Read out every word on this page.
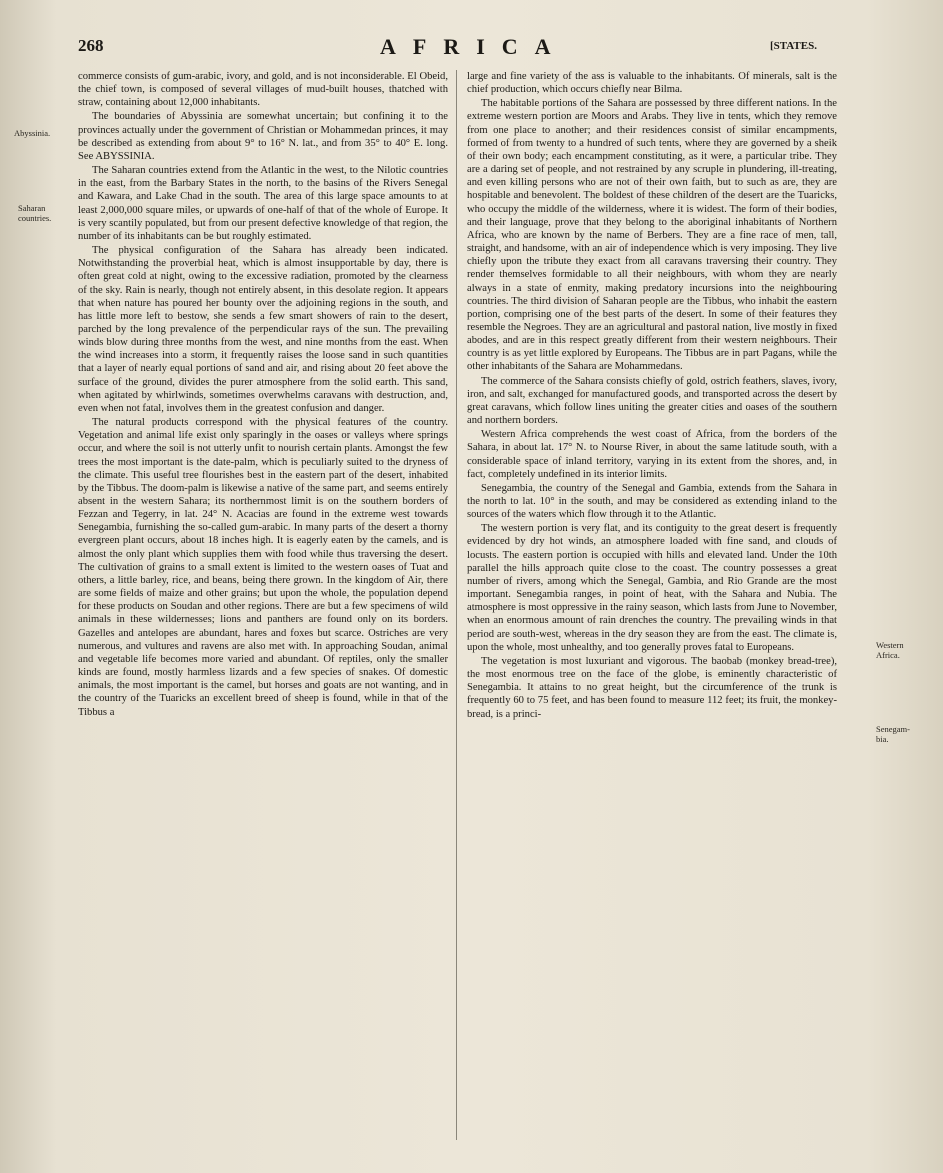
268	AFRICA	[STATES.
Abyssinia.
Saharan
countries.
Western
Africa.
Senegam-
bia.

commerce consists of gum-arabic, ivory, and gold, and is not inconsiderable. El Obeid, the chief town, is composed of several villages of mud-built houses, thatched with straw, containing about 12,000 inhabitants.

The boundaries of Abyssinia are somewhat uncertain; but confining it to the provinces actually under the government of Christian or Mohammedan princes, it may be described as extending from about 9° to 16° N. lat., and from 35° to 40° E. long. See ABYSSINIA.

The Saharan countries extend from the Atlantic in the west, to the Nilotic countries in the east, from the Barbary States in the north, to the basins of the Rivers Senegal and Kawara, and Lake Chad in the south. The area of this large space amounts to at least 2,000,000 square miles, or upwards of one-half of that of the whole of Europe. It is very scantily populated, but from our present defective knowledge of that region, the number of its inhabitants can be but roughly estimated.

The physical configuration of the Sahara has already been indicated. Notwithstanding the proverbial heat, which is almost insupportable by day, there is often great cold at night, owing to the excessive radiation, promoted by the clearness of the sky. Rain is nearly, though not entirely absent, in this desolate region. It appears that when nature has poured her bounty over the adjoining regions in the south, and has little more left to bestow, she sends a few smart showers of rain to the desert, parched by the long prevalence of the perpendicular rays of the sun. The prevailing winds blow during three months from the west, and nine months from the east. When the wind increases into a storm, it frequently raises the loose sand in such quantities that a layer of nearly equal portions of sand and air, and rising about 20 feet above the surface of the ground, divides the purer atmosphere from the solid earth. This sand, when agitated by whirlwinds, sometimes overwhelms caravans with destruction, and, even when not fatal, involves them in the greatest confusion and danger.

The natural products correspond with the physical features of the country. Vegetation and animal life exist only sparingly in the oases or valleys where springs occur, and where the soil is not utterly unfit to nourish certain plants. Amongst the few trees the most important is the date-palm, which is peculiarly suited to the dryness of the climate. This useful tree flourishes best in the eastern part of the desert, inhabited by the Tibbus. The doom-palm is likewise a native of the same part, and seems entirely absent in the western Sahara; its northernmost limit is on the southern borders of Fezzan and Tegerry, in lat. 24° N. Acacias are found in the extreme west towards Senegambia, furnishing the so-called gum-arabic. In many parts of the desert a thorny evergreen plant occurs, about 18 inches high. It is eagerly eaten by the camels, and is almost the only plant which supplies them with food while thus traversing the desert. The cultivation of grains to a small extent is limited to the western oases of Tuat and others, a little barley, rice, and beans, being there grown. In the kingdom of Air, there are some fields of maize and other grains; but upon the whole, the population depend for these products on Soudan and other regions. There are but a few specimens of wild animals in these wildernesses; lions and panthers are found only on its borders. Gazelles and antelopes are abundant, hares and foxes but scarce. Ostriches are very numerous, and vultures and ravens are also met with. In approaching Soudan, animal and vegetable life becomes more varied and abundant. Of reptiles, only the smaller kinds are found, mostly harmless lizards and a few species of snakes. Of domestic animals, the most important is the camel, but horses and goats are not wanting, and in the country of the Tuaricks an excellent breed of sheep is found, while in that of the Tibbus a

large and fine variety of the ass is valuable to the inhabitants. Of minerals, salt is the chief production, which occurs chiefly near Bilma.

The habitable portions of the Sahara are possessed by three different nations. In the extreme western portion are Moors and Arabs. They live in tents, which they remove from one place to another; and their residences consist of similar encampments, formed of from twenty to a hundred of such tents, where they are governed by a sheik of their own body; each encampment constituting, as it were, a particular tribe. They are a daring set of people, and not restrained by any scruple in plundering, ill-treating, and even killing persons who are not of their own faith, but to such as are, they are hospitable and benevolent. The boldest of these children of the desert are the Tuaricks, who occupy the middle of the wilderness, where it is widest. The form of their bodies, and their language, prove that they belong to the aboriginal inhabitants of Northern Africa, who are known by the name of Berbers. They are a fine race of men, tall, straight, and handsome, with an air of independence which is very imposing. They live chiefly upon the tribute they exact from all caravans traversing their country. They render themselves formidable to all their neighbours, with whom they are nearly always in a state of enmity, making predatory incursions into the neighbouring countries. The third division of Saharan people are the Tibbus, who inhabit the eastern portion, comprising one of the best parts of the desert. In some of their features they resemble the Negroes. They are an agricultural and pastoral nation, live mostly in fixed abodes, and are in this respect greatly different from their western neighbours. Their country is as yet little explored by Europeans. The Tibbus are in part Pagans, while the other inhabitants of the Sahara are Mohammedans.

The commerce of the Sahara consists chiefly of gold, ostrich feathers, slaves, ivory, iron, and salt, exchanged for manufactured goods, and transported across the desert by great caravans, which follow lines uniting the greater cities and oases of the southern and northern borders.

Western Africa comprehends the west coast of Africa, from the borders of the Sahara, in about lat. 17° N. to Nourse River, in about the same latitude south, with a considerable space of inland territory, varying in its extent from the shores, and, in fact, completely undefined in its interior limits.

Senegambia, the country of the Senegal and Gambia, extends from the Sahara in the north to lat. 10° in the south, and may be considered as extending inland to the sources of the waters which flow through it to the Atlantic.

The western portion is very flat, and its contiguity to the great desert is frequently evidenced by dry hot winds, an atmosphere loaded with fine sand, and clouds of locusts. The eastern portion is occupied with hills and elevated land. Under the 10th parallel the hills approach quite close to the coast. The country possesses a great number of rivers, among which the Senegal, Gambia, and Rio Grande are the most important. Senegambia ranges, in point of heat, with the Sahara and Nubia. The atmosphere is most oppressive in the rainy season, which lasts from June to November, when an enormous amount of rain drenches the country. The prevailing winds in that period are south-west, whereas in the dry season they are from the east. The climate is, upon the whole, most unhealthy, and too generally proves fatal to Europeans.

The vegetation is most luxuriant and vigorous. The baobab (monkey bread-tree), the most enormous tree on the face of the globe, is eminently characteristic of Senegambia. It attains to no great height, but the circumference of the trunk is frequently 60 to 75 feet, and has been found to measure 112 feet; its fruit, the monkey-bread, is a princi-
